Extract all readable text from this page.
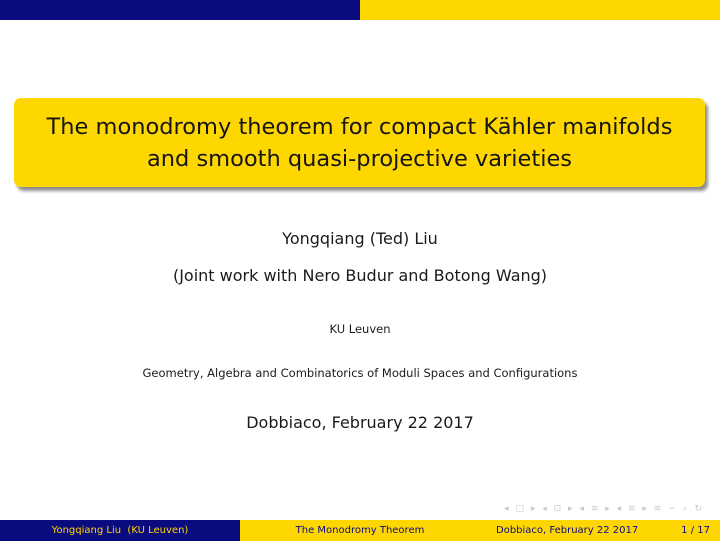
The monodromy theorem for compact Kähler manifolds
and smooth quasi-projective varieties
Yongqiang (Ted) Liu
(Joint work with Nero Budur and Botong Wang)
KU Leuven
Geometry, Algebra and Combinatorics of Moduli Spaces and Configurations
Dobbiaco, February 22 2017
◂ □ ▸ ◂ ⊡ ▸ ◂ ≡ ▸ ◂ ≡ ▸ ≡ ∽ ⌕ ↻
Yongqiang Liu  (KU Leuven)	The Monodromy Theorem	Dobbiaco, February 22 2017	1 / 17
